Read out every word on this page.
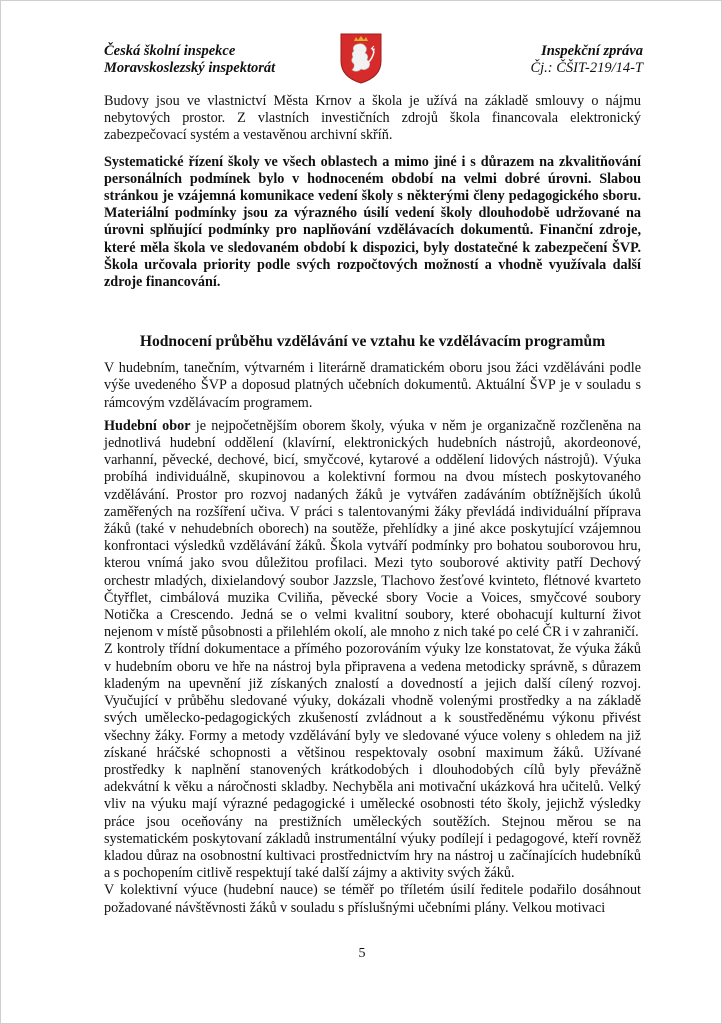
Česká školní inspekce
Moravskoslezský inspektorát
Inspekční zpráva
Čj.: ČŠIT-219/14-T

Budovy jsou ve vlastnictví Města Krnov a škola je užívá na základě smlouvy o nájmu nebytových prostor. Z vlastních investičních zdrojů škola financovala elektronický zabezpečovací systém a vestavěnou archivní skříň.

Systematické řízení školy ve všech oblastech a mimo jiné i s důrazem na zkvalitňování personálních podmínek bylo v hodnoceném období na velmi dobré úrovni. Slabou stránkou je vzájemná komunikace vedení školy s některými členy pedagogického sboru. Materiální podmínky jsou za výrazného úsilí vedení školy dlouhodobě udržované na úrovni splňující podmínky pro naplňování vzdělávacích dokumentů. Finanční zdroje, které měla škola ve sledovaném období k dispozici, byly dostatečné k zabezpečení ŠVP. Škola určovala priority podle svých rozpočtových možností a vhodně využívala další zdroje financování.

Hodnocení průběhu vzdělávání ve vztahu ke vzdělávacím programům

V hudebním, tanečním, výtvarném i literárně dramatickém oboru jsou žáci vzděláváni podle výše uvedeného ŠVP a doposud platných učebních dokumentů. Aktuální ŠVP je v souladu s rámcovým vzdělávacím programem.

Hudební obor je nejpočetnějším oborem školy, výuka v něm je organizačně rozčleněna na jednotlivá hudební oddělení (klavírní, elektronických hudebních nástrojů, akordeonové, varhanní, pěvecké, dechové, bicí, smyčcové, kytarové a oddělení lidových nástrojů). Výuka probíhá individuálně, skupinovou a kolektivní formou na dvou místech poskytovaného vzdělávání. Prostor pro rozvoj nadaných žáků je vytvářen zadáváním obtížnějších úkolů zaměřených na rozšíření učiva. V práci s talentovanými žáky převládá individuální příprava žáků (také v nehudebních oborech) na soutěže, přehlídky a jiné akce poskytující vzájemnou konfrontaci výsledků vzdělávání žáků. Škola vytváří podmínky pro bohatou souborovou hru, kterou vnímá jako svou důležitou profilaci. Mezi tyto souborové aktivity patří Dechový orchestr mladých, dixielandový soubor Jazzsle, Tlachovo žesťové kvinteto, flétnové kvarteto Čtyřflet, cimbálová muzika Cviliňa, pěvecké sbory Vocie a Voices, smyčcové soubory Notička a Crescendo. Jedná se o velmi kvalitní soubory, které obohacují kulturní život nejenom v místě působnosti a přilehlém okolí, ale mnoho z nich také po celé ČR i v zahraničí.

Z kontroly třídní dokumentace a přímého pozorováním výuky lze konstatovat, že výuka žáků v hudebním oboru ve hře na nástroj byla připravena a vedena metodicky správně, s důrazem kladeným na upevnění již získaných znalostí a dovedností a jejich další cílený rozvoj. Vyučující v průběhu sledované výuky, dokázali vhodně volenými prostředky a na základě svých umělecko-pedagogických zkušeností zvládnout a k soustředěnému výkonu přivést všechny žáky. Formy a metody vzdělávání byly ve sledované výuce voleny s ohledem na již získané hráčské schopnosti a většinou respektovaly osobní maximum žáků. Užívané prostředky k naplnění stanovených krátkodobých i dlouhodobých cílů byly převážně adekvátní k věku a náročnosti skladby. Nechyběla ani motivační ukázková hra učitelů. Velký vliv na výuku mají výrazné pedagogické i umělecké osobnosti této školy, jejichž výsledky práce jsou oceňovány na prestižních uměleckých soutěžích. Stejnou měrou se na systematickém poskytovaní základů instrumentální výuky podílejí i pedagogové, kteří rovněž kladou důraz na osobnostní kultivaci prostřednictvím hry na nástroj u začínajících hudebníků a s pochopením citlivě respektují také další zájmy a aktivity svých žáků.

V kolektivní výuce (hudební nauce) se téměř po tříletém úsilí ředitele podařilo dosáhnout požadované návštěvnosti žáků v souladu s příslušnými učebními plány. Velkou motivaci

5
